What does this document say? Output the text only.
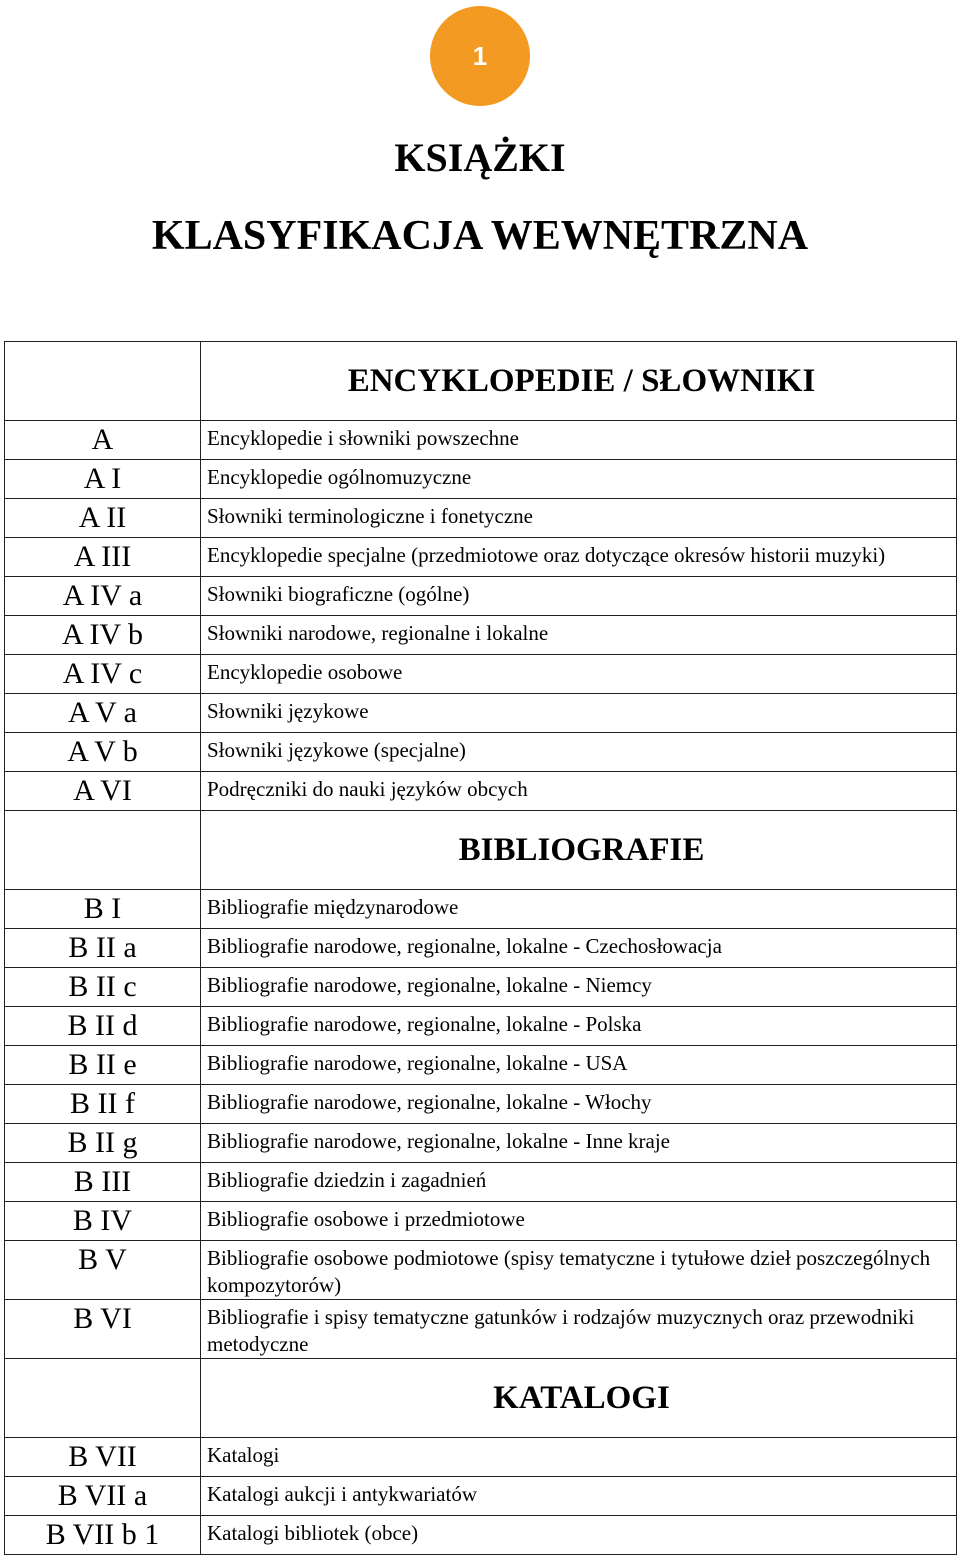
1
KSIĄŻKI
KLASYFIKACJA WEWNĘTRZNA
	ENCYKLOPEDIE / SŁOWNIKI
A	Encyklopedie i słowniki powszechne
A I	Encyklopedie ogólnomuzyczne
A II	Słowniki terminologiczne i fonetyczne
A III	Encyklopedie specjalne (przedmiotowe oraz dotyczące okresów historii muzyki)
A IV a	Słowniki biograficzne (ogólne)
A IV b	Słowniki narodowe, regionalne i lokalne
A IV c	Encyklopedie osobowe
A V a	Słowniki językowe
A V b	Słowniki językowe (specjalne)
A VI	Podręczniki do nauki języków obcych
	BIBLIOGRAFIE
B I	Bibliografie międzynarodowe
B II a	Bibliografie narodowe, regionalne, lokalne - Czechosłowacja
B II c	Bibliografie narodowe, regionalne, lokalne - Niemcy
B II d	Bibliografie narodowe, regionalne, lokalne - Polska
B II e	Bibliografie narodowe, regionalne, lokalne - USA
B II f	Bibliografie narodowe, regionalne, lokalne - Włochy
B II g	Bibliografie narodowe, regionalne, lokalne - Inne kraje
B III	Bibliografie dziedzin i zagadnień
B IV	Bibliografie osobowe i przedmiotowe
B V	Bibliografie osobowe podmiotowe (spisy tematyczne i tytułowe dzieł poszczególnych kompozytorów)
B VI	Bibliografie i spisy tematyczne gatunków i rodzajów muzycznych oraz przewodniki metodyczne
	KATALOGI
B VII	Katalogi
B VII a	Katalogi aukcji i antykwariatów
B VII b 1	Katalogi bibliotek (obce)
